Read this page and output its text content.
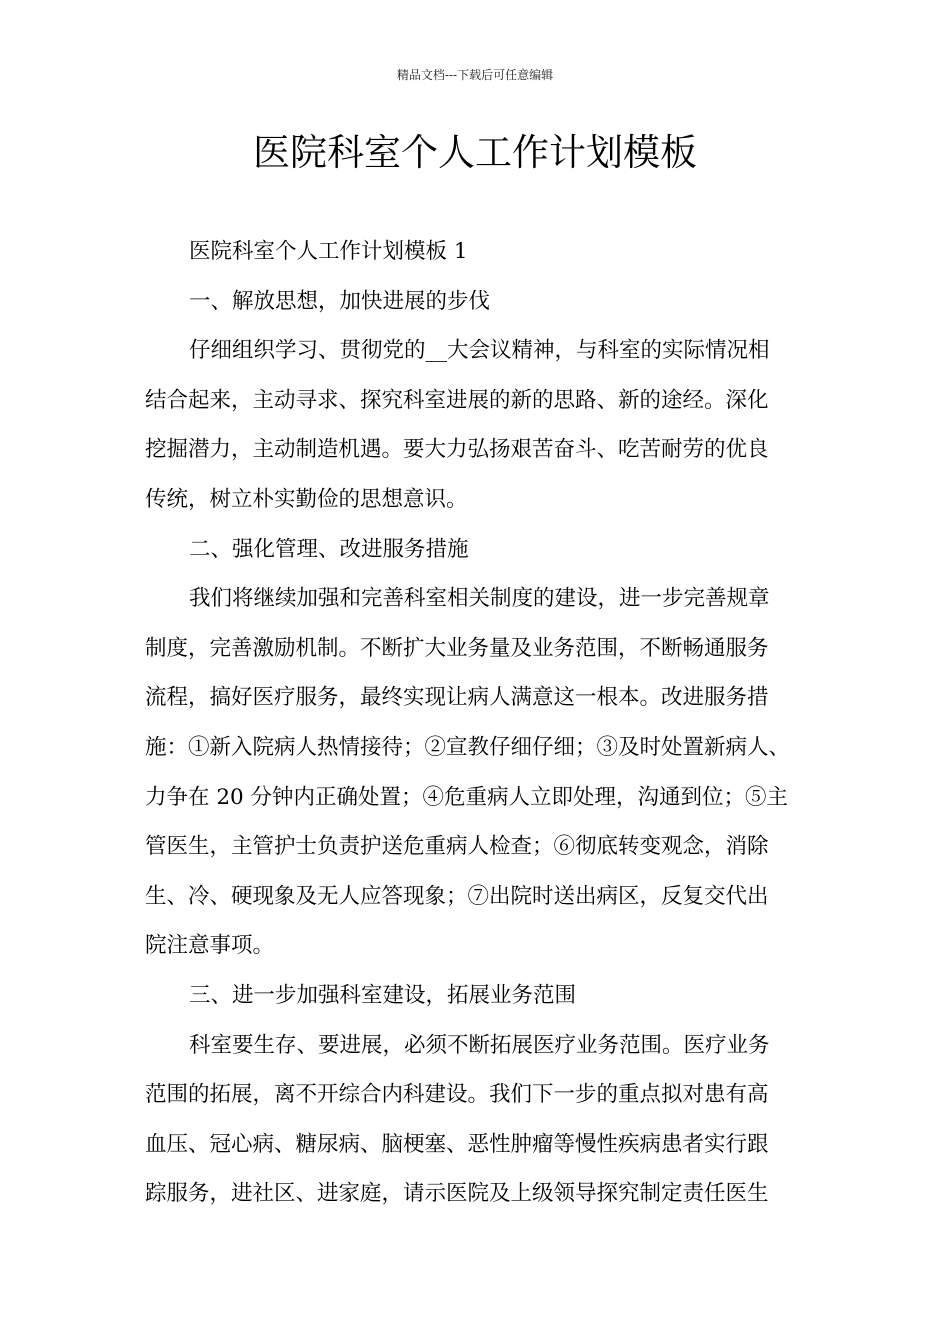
精品文档---下载后可任意编辑
医院科室个人工作计划模板
医院科室个人工作计划模板 1
一、解放思想，加快进展的步伐
仔细组织学习、贯彻党的__大会议精神，与科室的实际情况相
结合起来，主动寻求、探究科室进展的新的思路、新的途经。深化
挖掘潜力，主动制造机遇。要大力弘扬艰苦奋斗、吃苦耐劳的优良
传统，树立朴实勤俭的思想意识。
二、强化管理、改进服务措施
我们将继续加强和完善科室相关制度的建设，进一步完善规章
制度，完善激励机制。不断扩大业务量及业务范围，不断畅通服务
流程，搞好医疗服务，最终实现让病人满意这一根本。改进服务措
施：①新入院病人热情接待；②宣教仔细仔细；③及时处置新病人、
力争在 20 分钟内正确处置；④危重病人立即处理，沟通到位；⑤主
管医生，主管护士负责护送危重病人检查；⑥彻底转变观念，消除
生、冷、硬现象及无人应答现象；⑦出院时送出病区，反复交代出
院注意事项。
三、进一步加强科室建设，拓展业务范围
科室要生存、要进展，必须不断拓展医疗业务范围。医疗业务
范围的拓展，离不开综合内科建设。我们下一步的重点拟对患有高
血压、冠心病、糖尿病、脑梗塞、恶性肿瘤等慢性疾病患者实行跟
踪服务，进社区、进家庭，请示医院及上级领导探究制定责任医生
